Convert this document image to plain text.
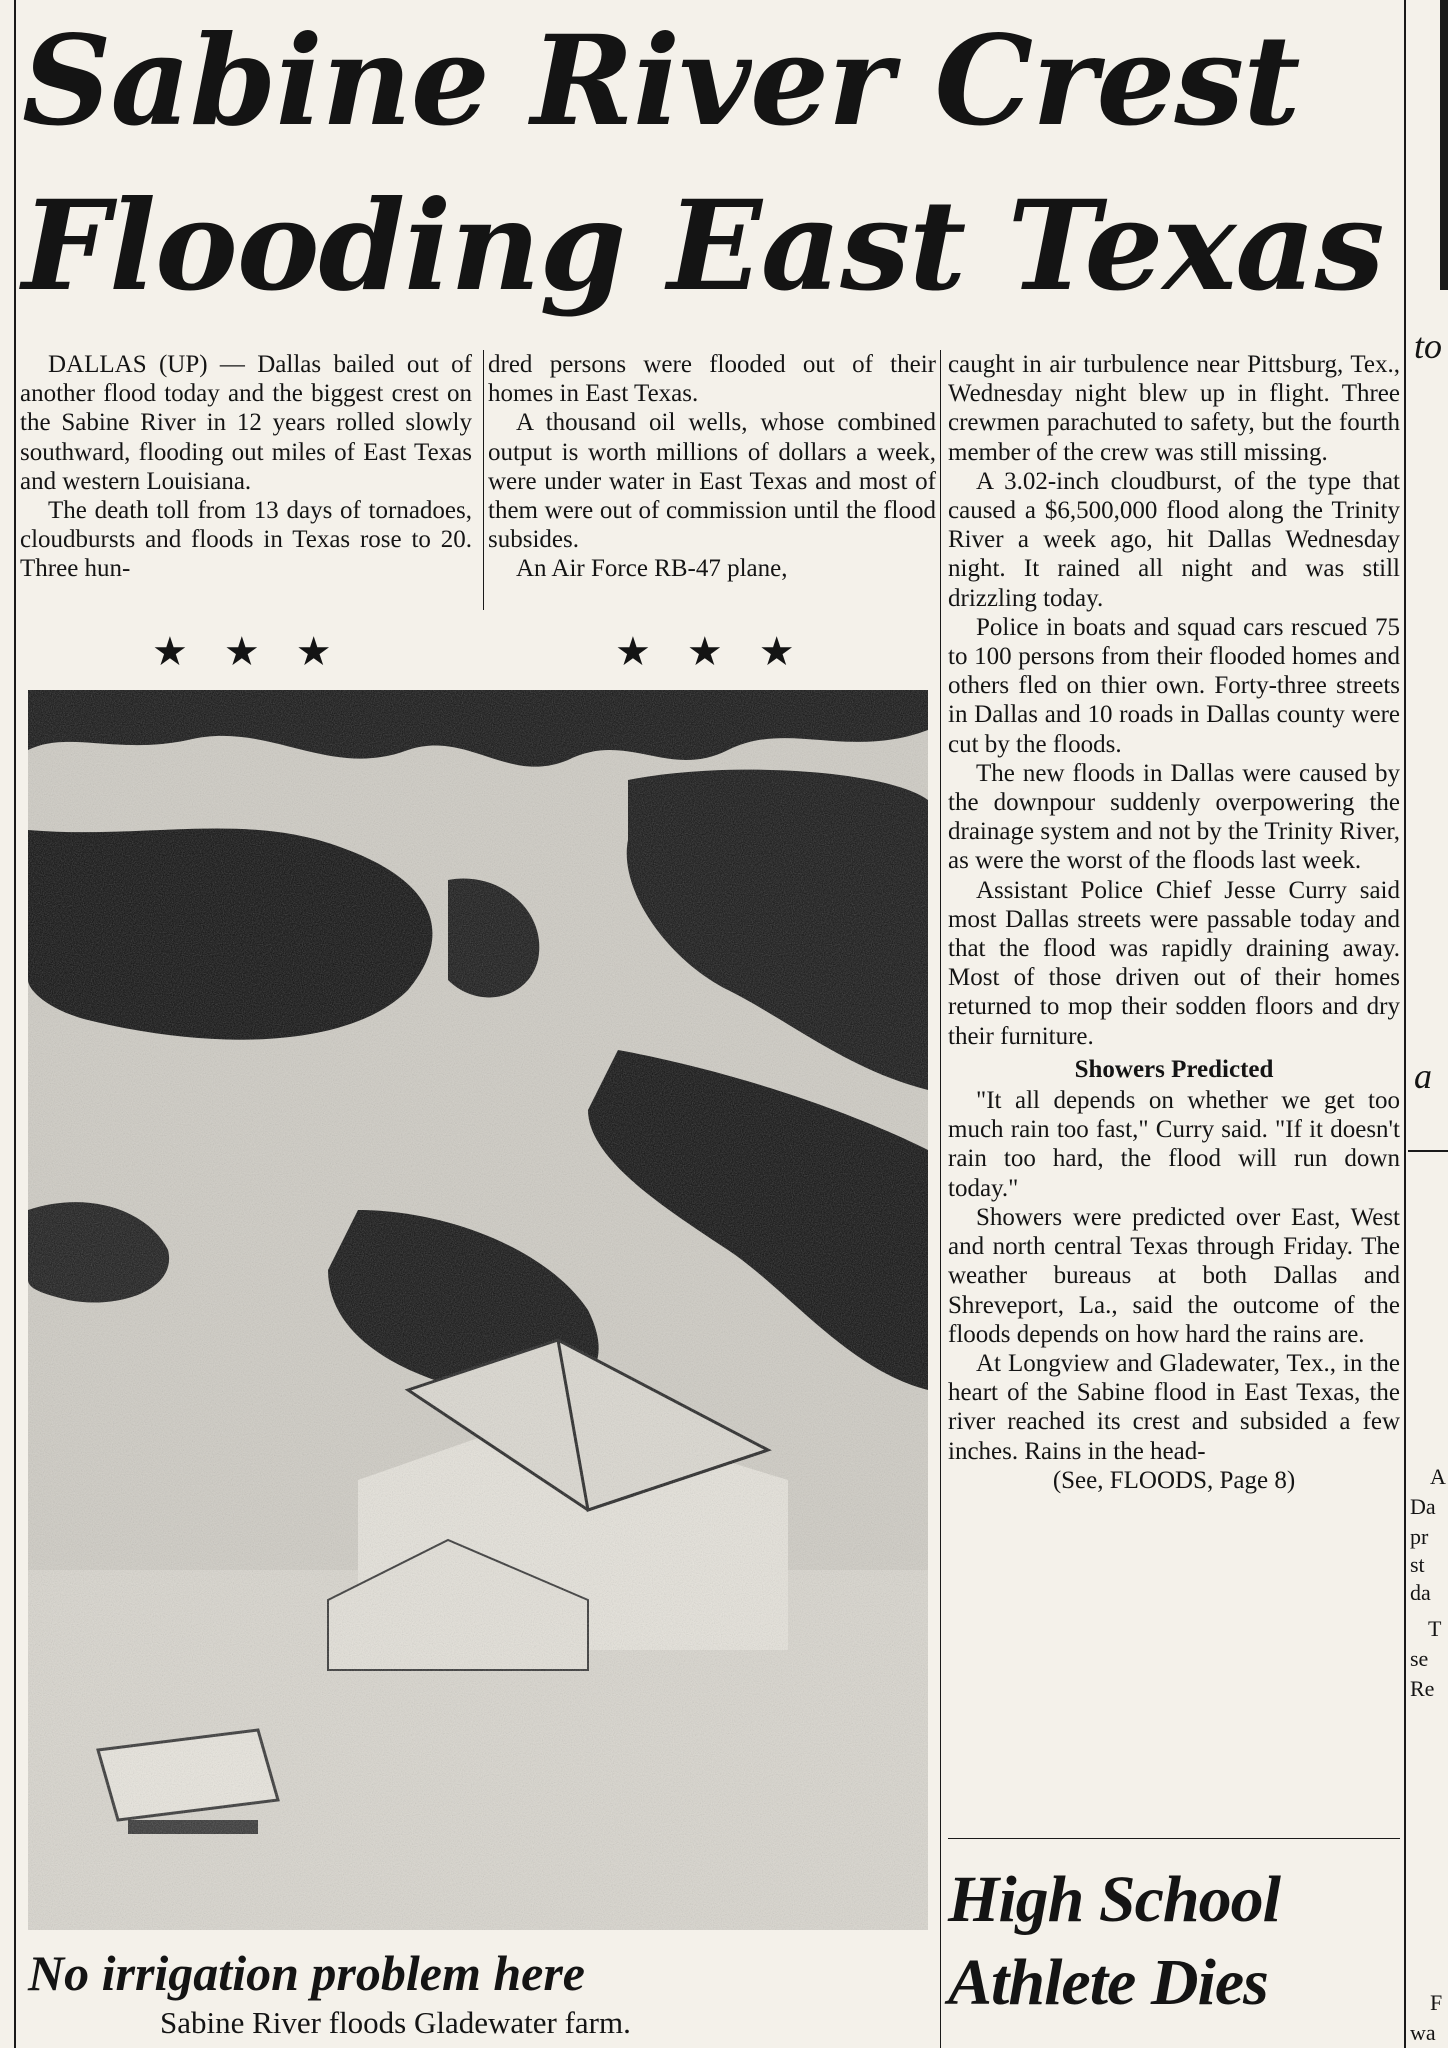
Sabine River Crest
Flooding East Texas

DALLAS (UP) — Dallas bailed out of another flood today and the biggest crest on the Sabine River in 12 years rolled slowly southward, flooding out miles of East Texas and western Louisiana.

The death toll from 13 days of tornadoes, cloudbursts and floods in Texas rose to 20. Three hun-

dred persons were flooded out of their homes in East Texas.

A thousand oil wells, whose combined output is worth millions of dollars a week, were under water in East Texas and most of them were out of commission until the flood subsides.

An Air Force RB-47 plane,

caught in air turbulence near Pittsburg, Tex., Wednesday night blew up in flight. Three crewmen parachuted to safety, but the fourth member of the crew was still missing.

A 3.02-inch cloudburst, of the type that caused a $6,500,000 flood along the Trinity River a week ago, hit Dallas Wednesday night. It rained all night and was still drizzling today.

Police in boats and squad cars rescued 75 to 100 persons from their flooded homes and others fled on thier own. Forty-three streets in Dallas and 10 roads in Dallas county were cut by the floods.

The new floods in Dallas were caused by the downpour suddenly overpowering the drainage system and not by the Trinity River, as were the worst of the floods last week.

Assistant Police Chief Jesse Curry said most Dallas streets were passable today and that the flood was rapidly draining away. Most of those driven out of their homes returned to mop their sodden floors and dry their furniture.

Showers Predicted

"It all depends on whether we get too much rain too fast," Curry said. "If it doesn't rain too hard, the flood will run down today."

Showers were predicted over East, West and north central Texas through Friday. The weather bureaus at both Dallas and Shreveport, La., said the outcome of the floods depends on how hard the rains are.

At Longview and Gladewater, Tex., in the heart of the Sabine flood in East Texas, the river reached its crest and subsided a few inches. Rains in the head-

(See, FLOODS, Page 8)

★★★	★★★
No irrigation problem here

Sabine River floods Gladewater farm.

High School
Athlete Dies
to
a
A
Da
pr
st
da
T
se
Re
F
wa
